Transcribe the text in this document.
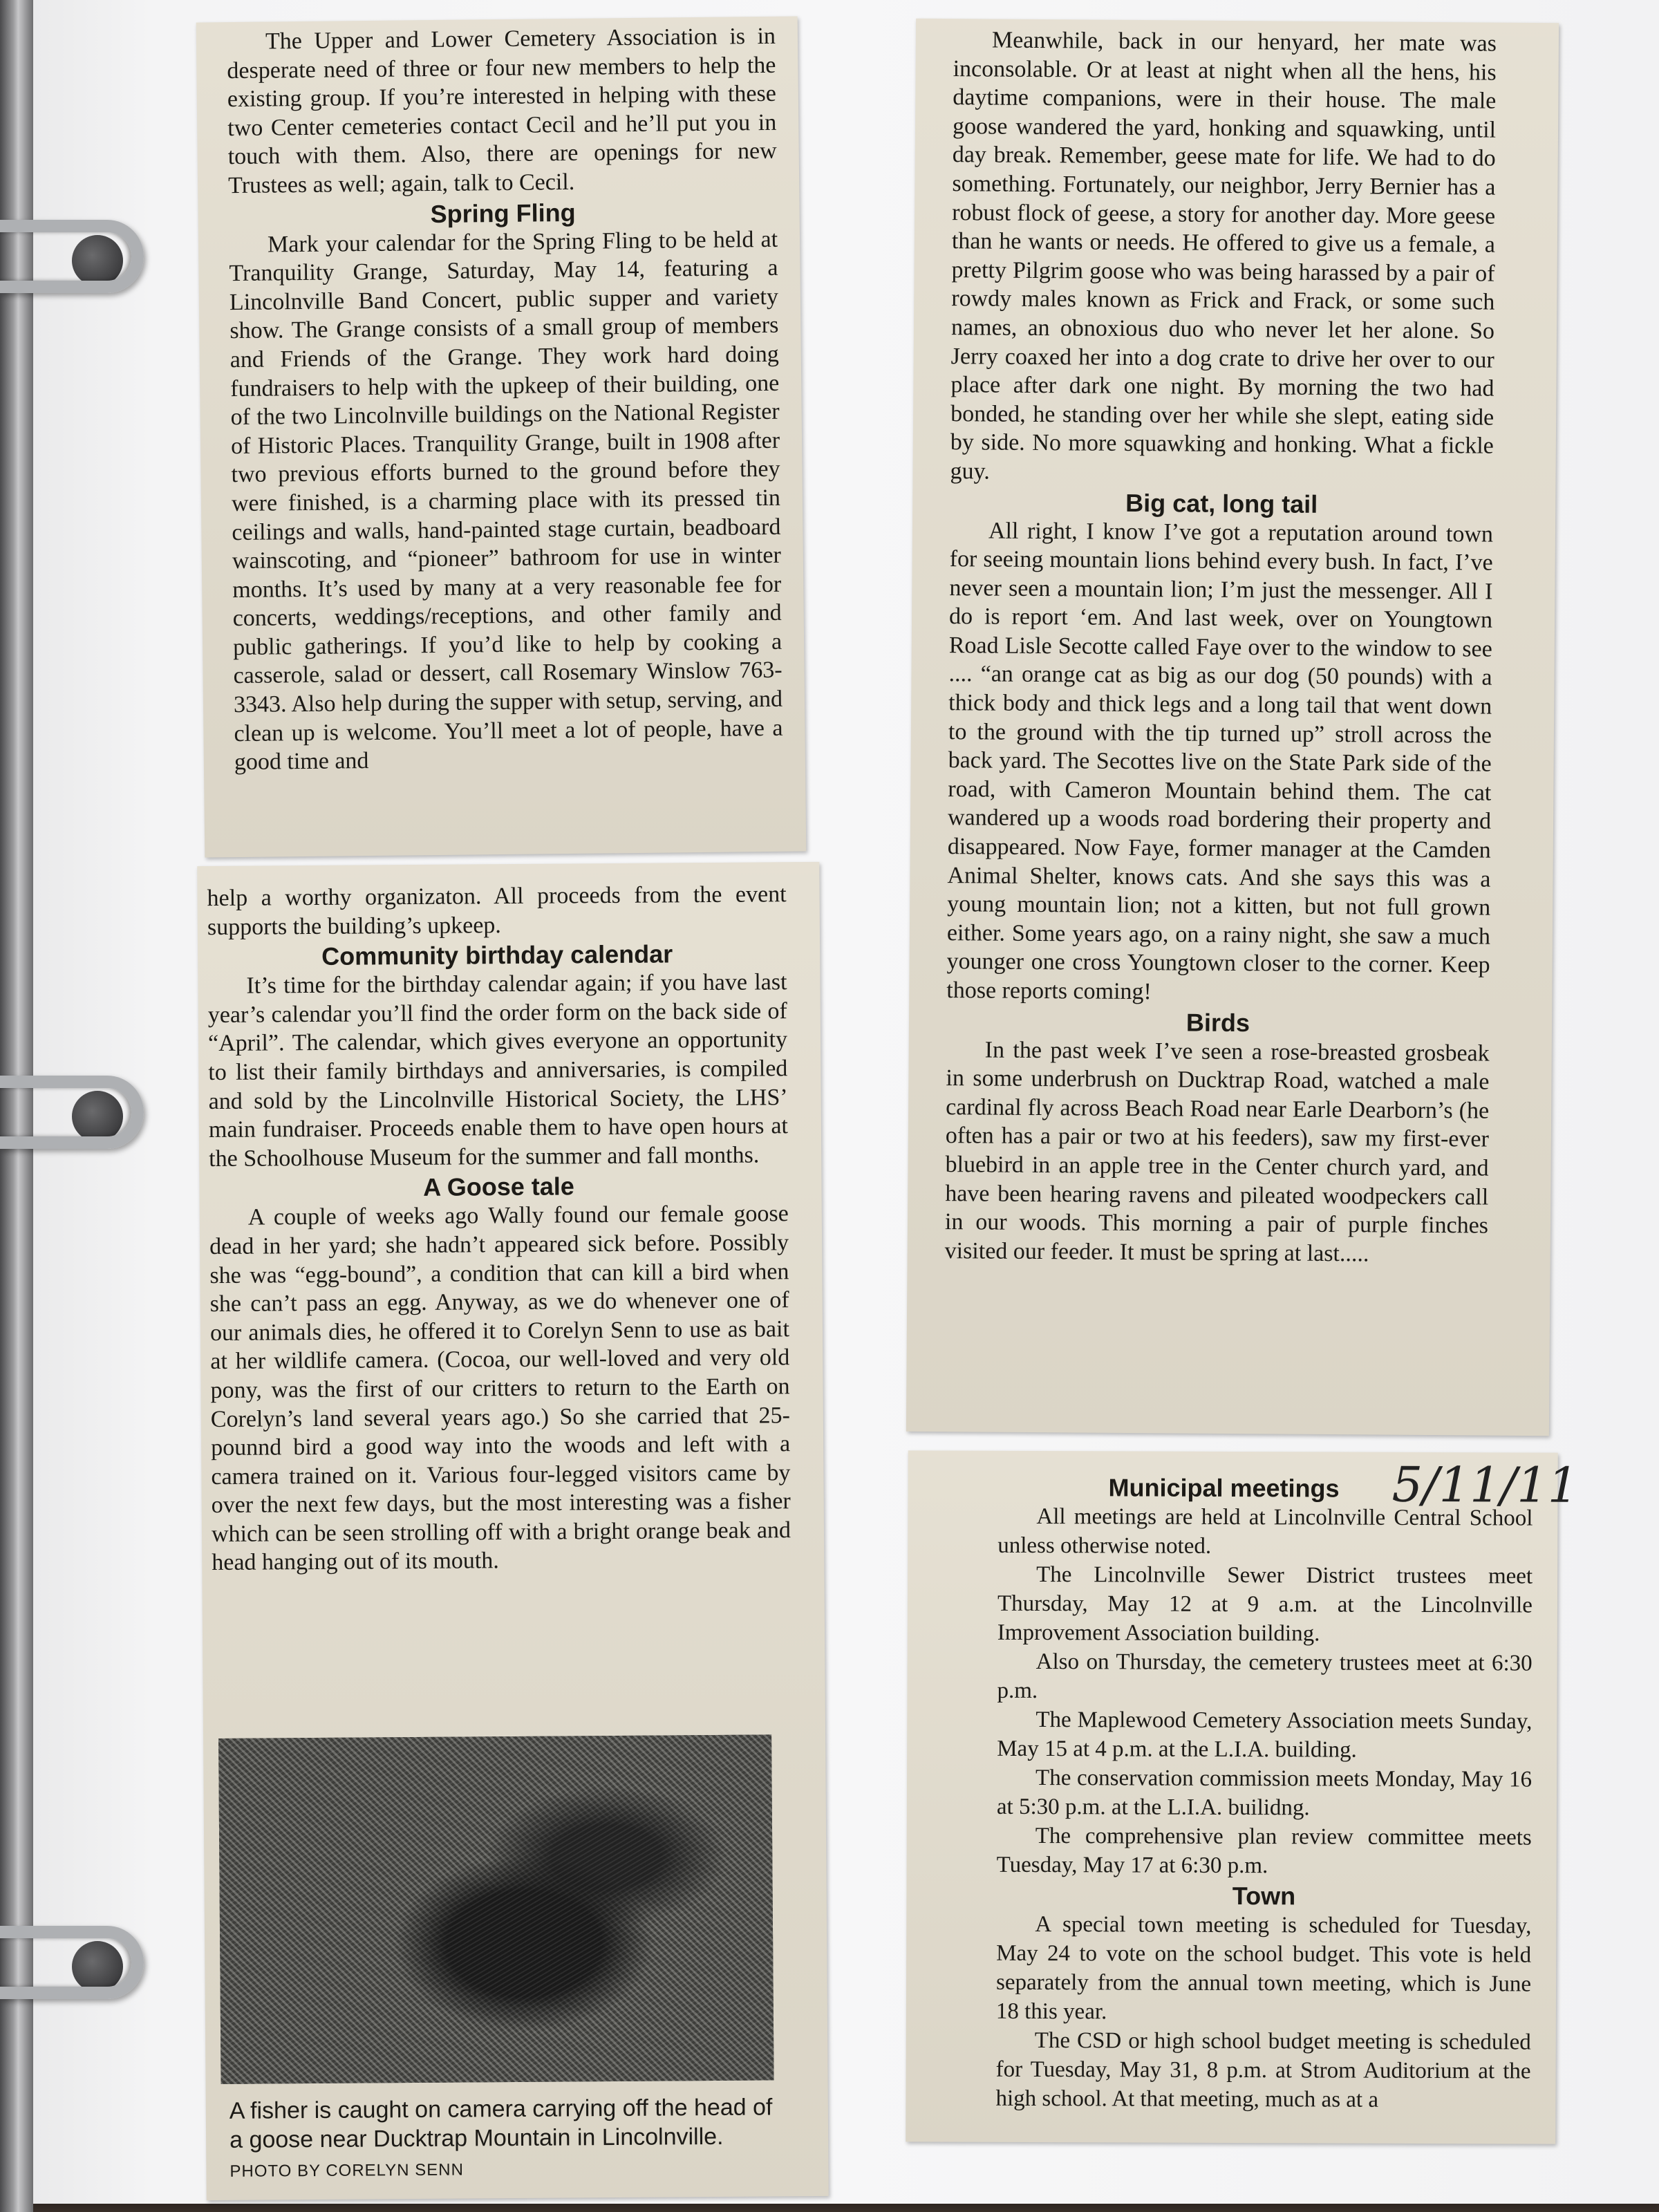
The Upper and Lower Cemetery Association is in desperate need of three or four new members to help the existing group. If you’re interested in helping with these two Center cemeteries contact Cecil and he’ll put you in touch with them. Also, there are openings for new Trustees as well; again, talk to Cecil.

Spring Fling

Mark your calendar for the Spring Fling to be held at Tranquility Grange, Saturday, May 14, featuring a Lincolnville Band Concert, public supper and variety show. The Grange consists of a small group of members and Friends of the Grange. They work hard doing fundraisers to help with the upkeep of their building, one of the two Lincolnville buildings on the National Register of Historic Places. Tranquility Grange, built in 1908 after two previous efforts burned to the ground before they were finished, is a charming place with its pressed tin ceilings and walls, hand-painted stage curtain, beadboard wainscoting, and “pioneer” bathroom for use in winter months. It’s used by many at a very reasonable fee for concerts, weddings/receptions, and other family and public gatherings. If you’d like to help by cooking a casserole, salad or dessert, call Rosemary Winslow 763-3343. Also help during the supper with setup, serving, and clean up is welcome. You’ll meet a lot of people, have a good time and

help a worthy organizaton. All proceeds from the event supports the building’s upkeep.

Community birthday calendar

It’s time for the birthday calendar again; if you have last year’s calendar you’ll find the order form on the back side of “April”. The calendar, which gives everyone an opportunity to list their family birthdays and anniversaries, is compiled and sold by the Lincolnville Historical Society, the LHS’ main fundraiser. Proceeds enable them to have open hours at the Schoolhouse Museum for the summer and fall months.

A Goose tale

A couple of weeks ago Wally found our female goose dead in her yard; she hadn’t appeared sick before. Possibly she was “egg-bound”, a condition that can kill a bird when she can’t pass an egg. Anyway, as we do whenever one of our animals dies, he offered it to Corelyn Senn to use as bait at her wildlife camera. (Cocoa, our well-loved and very old pony, was the first of our critters to return to the Earth on Corelyn’s land several years ago.) So she carried that 25-pounnd bird a good way into the woods and left with a camera trained on it. Various four-legged visitors came by over the next few days, but the most interesting was a fisher which can be seen strolling off with a bright orange beak and head hanging out of its mouth.

A fisher is caught on camera carrying off the head of a goose near Ducktrap Mountain in Lincolnville. PHOTO BY CORELYN SENN

Meanwhile, back in our henyard, her mate was inconsolable. Or at least at night when all the hens, his daytime companions, were in their house. The male goose wandered the yard, honking and squawking, until day break. Remember, geese mate for life. We had to do something. Fortunately, our neighbor, Jerry Bernier has a robust flock of geese, a story for another day. More geese than he wants or needs. He offered to give us a female, a pretty Pilgrim goose who was being harassed by a pair of rowdy males known as Frick and Frack, or some such names, an obnoxious duo who never let her alone. So Jerry coaxed her into a dog crate to drive her over to our place after dark one night. By morning the two had bonded, he standing over her while she slept, eating side by side. No more squawking and honking. What a fickle guy.

Big cat, long tail

All right, I know I’ve got a reputation around town for seeing mountain lions behind every bush. In fact, I’ve never seen a mountain lion; I’m just the messenger. All I do is report ‘em. And last week, over on Youngtown Road Lisle Secotte called Faye over to the window to see .... “an orange cat as big as our dog (50 pounds) with a thick body and thick legs and a long tail that went down to the ground with the tip turned up” stroll across the back yard. The Secottes live on the State Park side of the road, with Cameron Mountain behind them. The cat wandered up a woods road bordering their property and disappeared. Now Faye, former manager at the Camden Animal Shelter, knows cats. And she says this was a young mountain lion; not a kitten, but not full grown either. Some years ago, on a rainy night, she saw a much younger one cross Youngtown closer to the corner. Keep those reports coming!

Birds

In the past week I’ve seen a rose-breasted grosbeak in some underbrush on Ducktrap Road, watched a male cardinal fly across Beach Road near Earle Dearborn’s (he often has a pair or two at his feeders), saw my first-ever bluebird in an apple tree in the Center church yard, and have been hearing ravens and pileated woodpeckers call in our woods. This morning a pair of purple finches visited our feeder. It must be spring at last.....

Municipal meetings

All meetings are held at Lincolnville Central School unless otherwise noted.

The Lincolnville Sewer District trustees meet Thursday, May 12 at 9 a.m. at the Lincolnville Improvement Association building.

Also on Thursday, the cemetery trustees meet at 6:30 p.m.

The Maplewood Cemetery Association meets Sunday, May 15 at 4 p.m. at the L.I.A. building.

The conservation commission meets Monday, May 16 at 5:30 p.m. at the L.I.A. builidng.

The comprehensive plan review committee meets Tuesday, May 17 at 6:30 p.m.

Town

A special town meeting is scheduled for Tuesday, May 24 to vote on the school budget. This vote is held separately from the annual town meeting, which is June 18 this year.

The CSD or high school budget meeting is scheduled for Tuesday, May 31, 8 p.m. at Strom Auditorium at the high school. At that meeting, much as at a

5/11/11
